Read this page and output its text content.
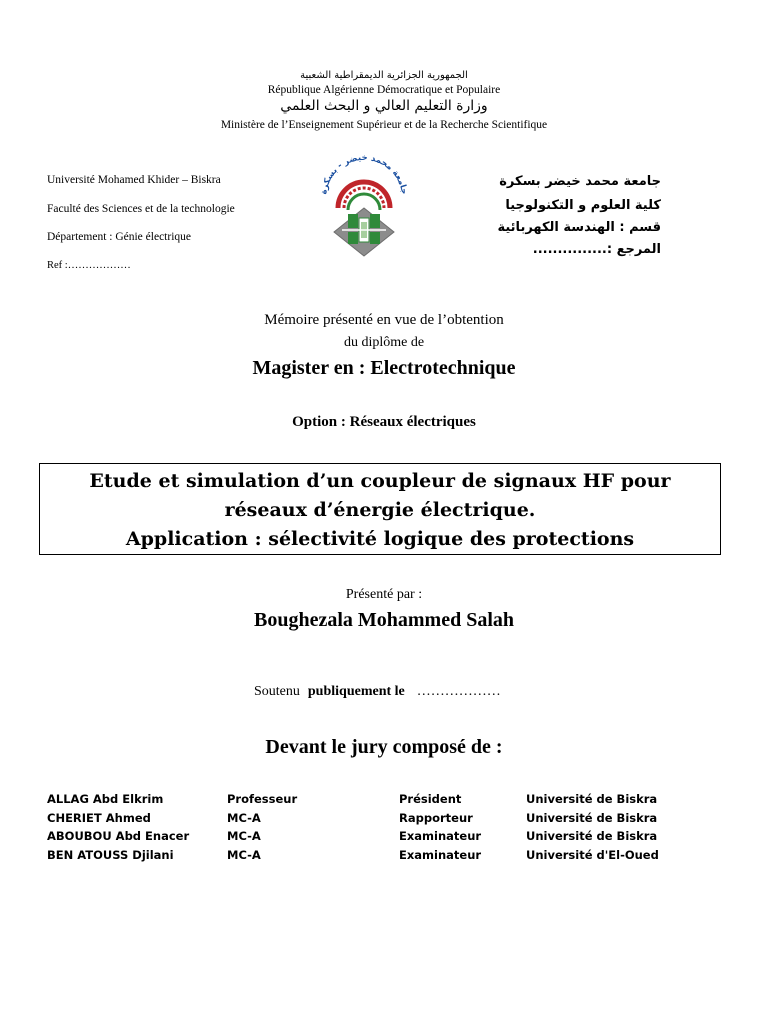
الجمهورية الجزائرية الديمقراطية الشعبية
République Algérienne Démocratique et Populaire
وزارة التعليم العالي و البحث العلمي
Ministère de l’Enseignement Supérieur et de la Recherche Scientifique
Université Mohamed Khider – Biskra
Faculté des Sciences et de la technologie
Département : Génie électrique
Ref :………………
جامعة محمد خيضر - بسكرة
جامعة محمد خيضر بسكرة
كلية العلوم و التكنولوجيا
قسم : الهندسة الكهربائية
المرجع :...............
Mémoire présenté en vue de l’obtention
du diplôme de
Magister en : Electrotechnique
Option : Réseaux électriques
Etude et simulation d’un coupleur de signaux HF pour
réseaux d’énergie électrique.
Application : sélectivité logique des protections
Présenté par :
Boughezala Mohammed Salah
Soutenu publiquement le ………………
Devant le jury composé de :
ALLAG Abd Elkrim	Professeur	Président	Université de Biskra
CHERIET Ahmed	MC-A	Rapporteur	Université de Biskra
ABOUBOU Abd Enacer	MC-A	Examinateur	Université de Biskra
BEN ATOUSS Djilani	MC-A	Examinateur	Université d'El-Oued
